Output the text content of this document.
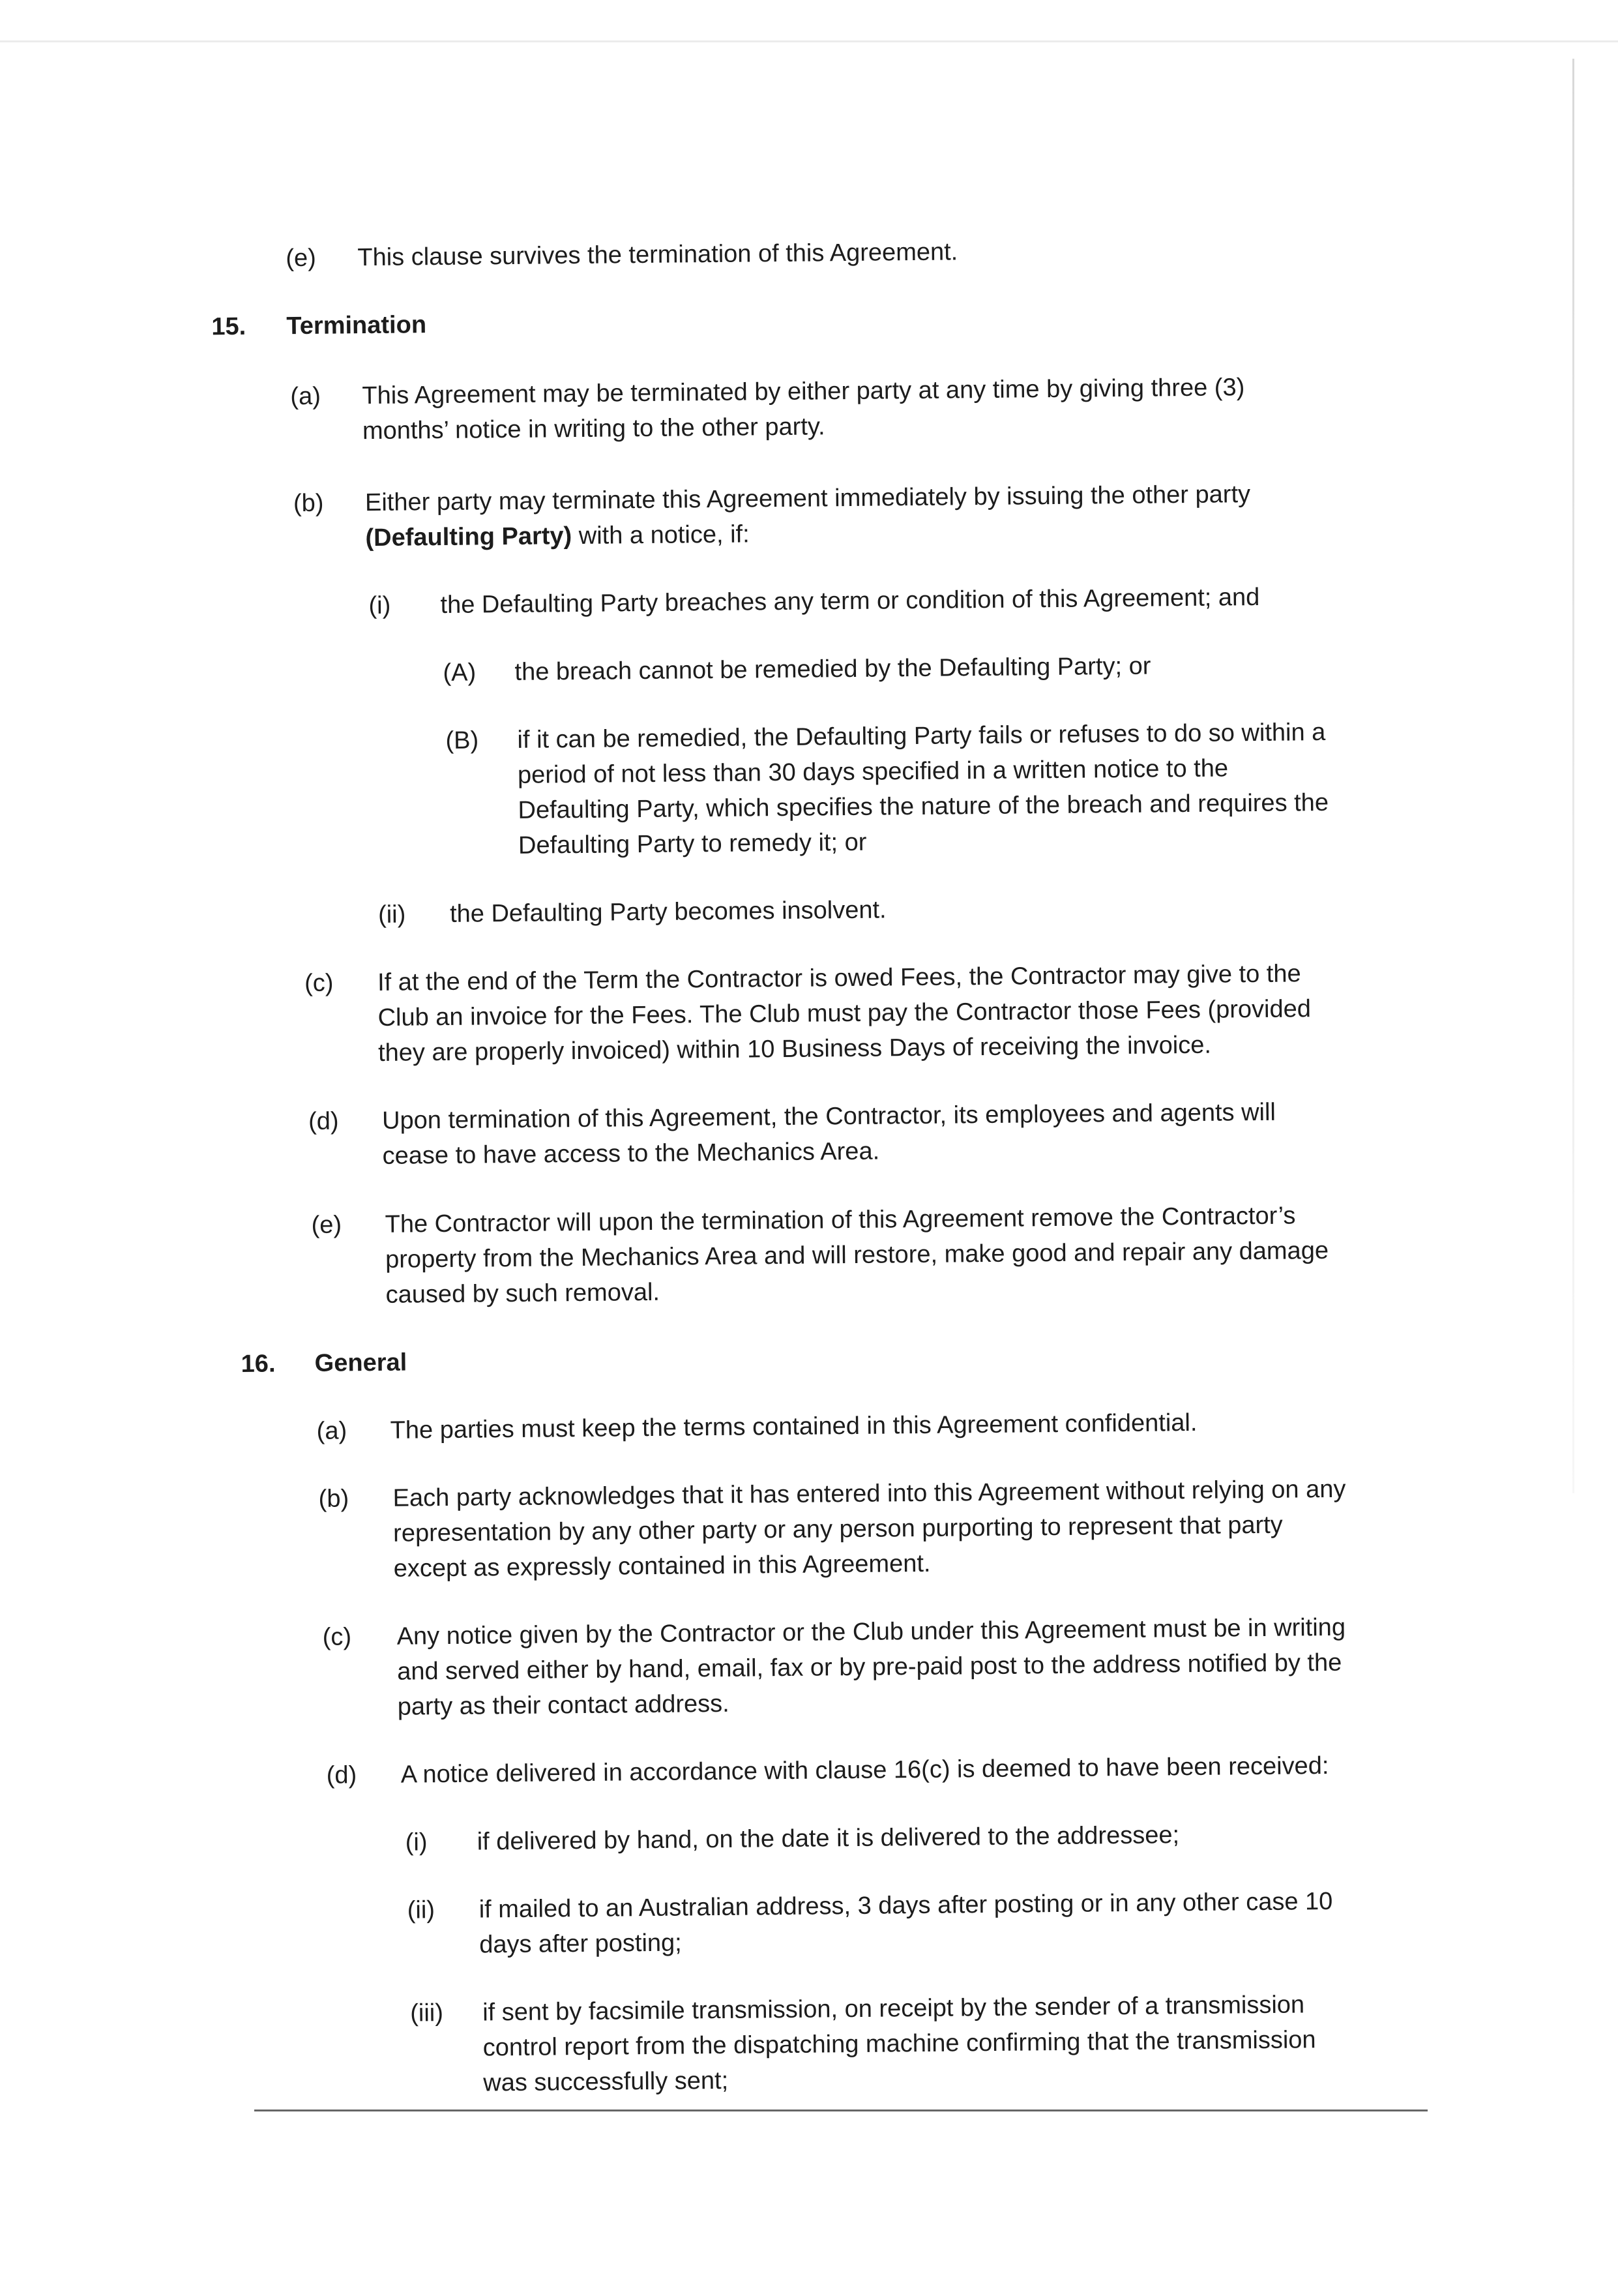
(e) This clause survives the termination of this Agreement.
15. Termination
(a) This Agreement may be terminated by either party at any time by giving three (3)
months’ notice in writing to the other party.
(b) Either party may terminate this Agreement immediately by issuing the other party
(Defaulting Party) with a notice, if:
(i) the Defaulting Party breaches any term or condition of this Agreement; and
(A) the breach cannot be remedied by the Defaulting Party; or
(B) if it can be remedied, the Defaulting Party fails or refuses to do so within a
period of not less than 30 days specified in a written notice to the
Defaulting Party, which specifies the nature of the breach and requires the
Defaulting Party to remedy it; or
(ii) the Defaulting Party becomes insolvent.
(c) If at the end of the Term the Contractor is owed Fees, the Contractor may give to the
Club an invoice for the Fees. The Club must pay the Contractor those Fees (provided
they are properly invoiced) within 10 Business Days of receiving the invoice.
(d) Upon termination of this Agreement, the Contractor, its employees and agents will
cease to have access to the Mechanics Area.
(e) The Contractor will upon the termination of this Agreement remove the Contractor’s
property from the Mechanics Area and will restore, make good and repair any damage
caused by such removal.
16. General
(a) The parties must keep the terms contained in this Agreement confidential.
(b) Each party acknowledges that it has entered into this Agreement without relying on any
representation by any other party or any person purporting to represent that party
except as expressly contained in this Agreement.
(c) Any notice given by the Contractor or the Club under this Agreement must be in writing
and served either by hand, email, fax or by pre-paid post to the address notified by the
party as their contact address.
(d) A notice delivered in accordance with clause 16(c) is deemed to have been received:
(i) if delivered by hand, on the date it is delivered to the addressee;
(ii) if mailed to an Australian address, 3 days after posting or in any other case 10
days after posting;
(iii) if sent by facsimile transmission, on receipt by the sender of a transmission
control report from the dispatching machine confirming that the transmission
was successfully sent;
